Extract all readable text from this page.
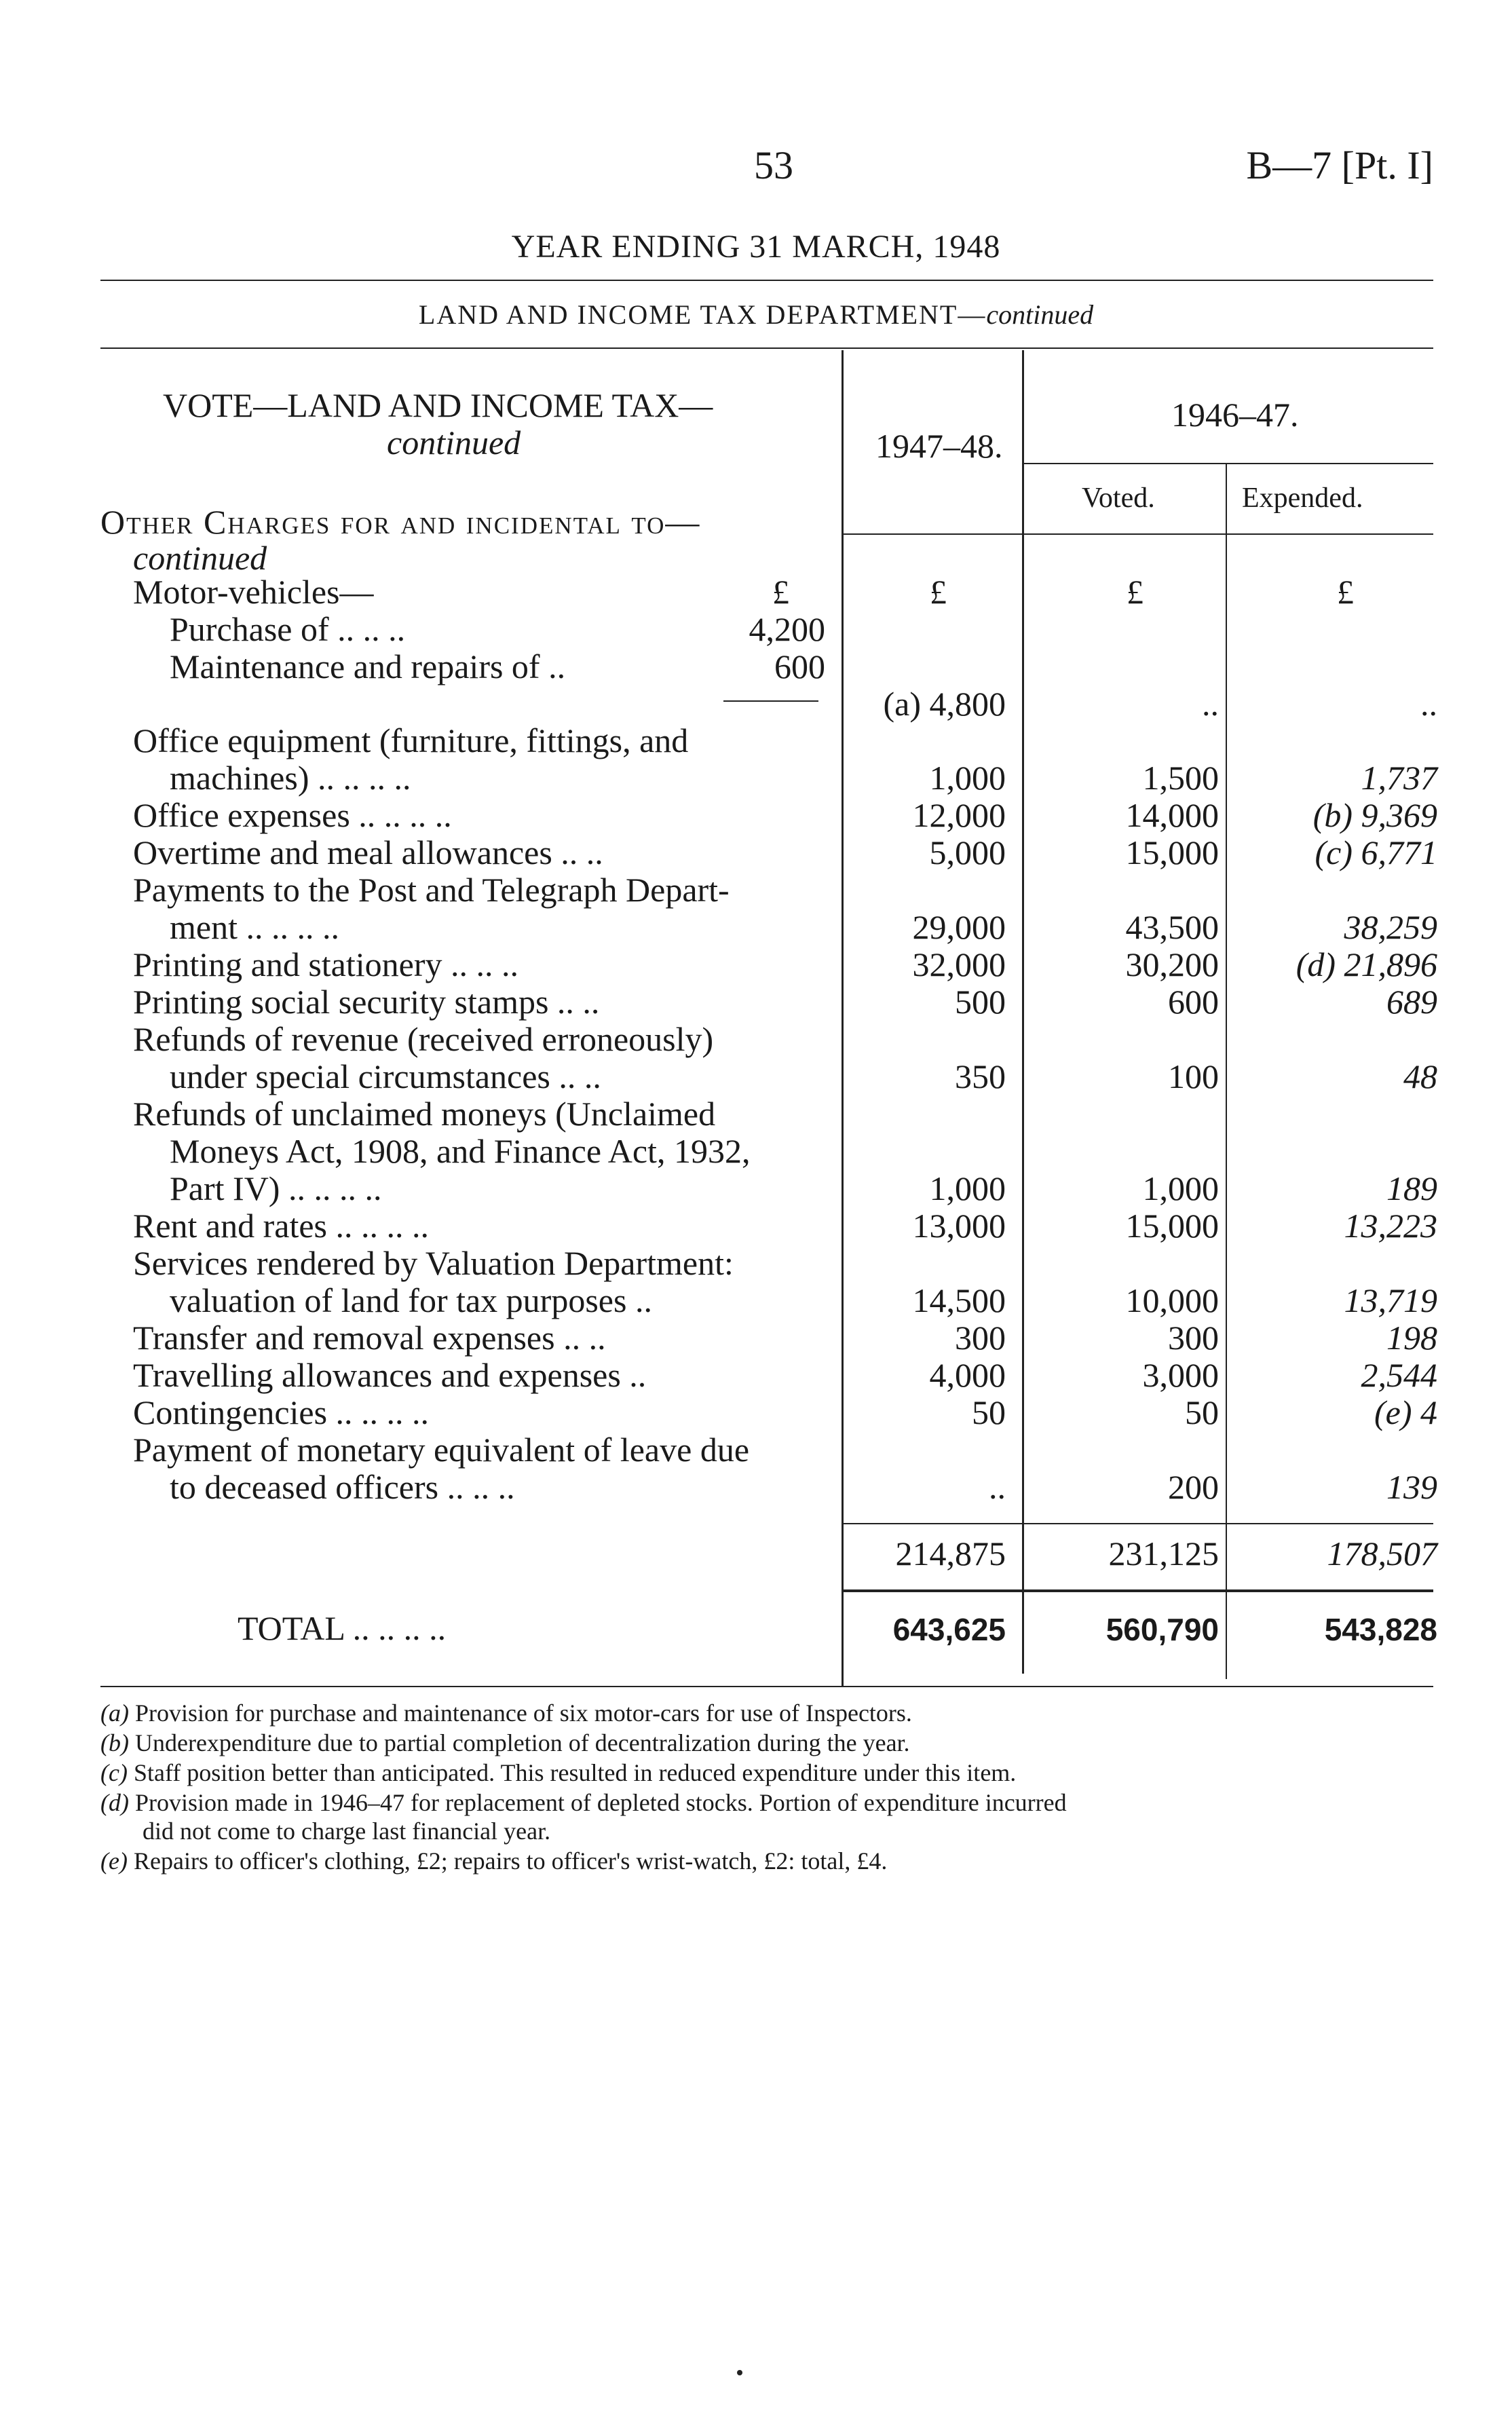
53	B—7 [Pt. I]
YEAR ENDING 31 MARCH, 1948
LAND AND INCOME TAX DEPARTMENT—continued
VOTE—LAND AND INCOME TAX—
continued
Other Charges for and incidental to—
continued
1947–48.
1946–47.
Voted.	Expended.
Motor-vehicles—	£	£	£	£
Purchase of .. .. ..	4,200
Maintenance and repairs of ..	600
(a) 4,800	..	..
Office equipment (furniture, fittings, and
machines) .. .. .. ..	1,000	1,500	1,737
Office expenses .. .. .. ..	12,000	14,000	(b) 9,369
Overtime and meal allowances .. ..	5,000	15,000	(c) 6,771
Payments to the Post and Telegraph Depart-
ment .. .. .. ..	29,000	43,500	38,259
Printing and stationery .. .. ..	32,000	30,200 (d) 21,896
Printing social security stamps .. ..	500	600	689
Refunds of revenue (received erroneously)
under special circumstances .. ..	350	100	48
Refunds of unclaimed moneys (Unclaimed
Moneys Act, 1908, and Finance Act, 1932,
Part IV) .. .. .. ..	1,000	1,000	189
Rent and rates .. .. .. ..	13,000	15,000	13,223
Services rendered by Valuation Department:
valuation of land for tax purposes ..	14,500	10,000	13,719
Transfer and removal expenses .. ..	300	300	198
Travelling allowances and expenses ..	4,000	3,000	2,544
Contingencies .. .. .. ..	50	50	(e) 4
Payment of monetary equivalent of leave due
to deceased officers .. .. ..	..	200	139
214,875	231,125	178,507
TOTAL .. .. .. ..	643,625	560,790	543,828
(a) Provision for purchase and maintenance of six motor-cars for use of Inspectors.
(b) Underexpenditure due to partial completion of decentralization during the year.
(c) Staff position better than anticipated. This resulted in reduced expenditure under this item.
(d) Provision made in 1946–47 for replacement of depleted stocks. Portion of expenditure incurred
did not come to charge last financial year.
(e) Repairs to officer's clothing, £2; repairs to officer's wrist-watch, £2: total, £4.
